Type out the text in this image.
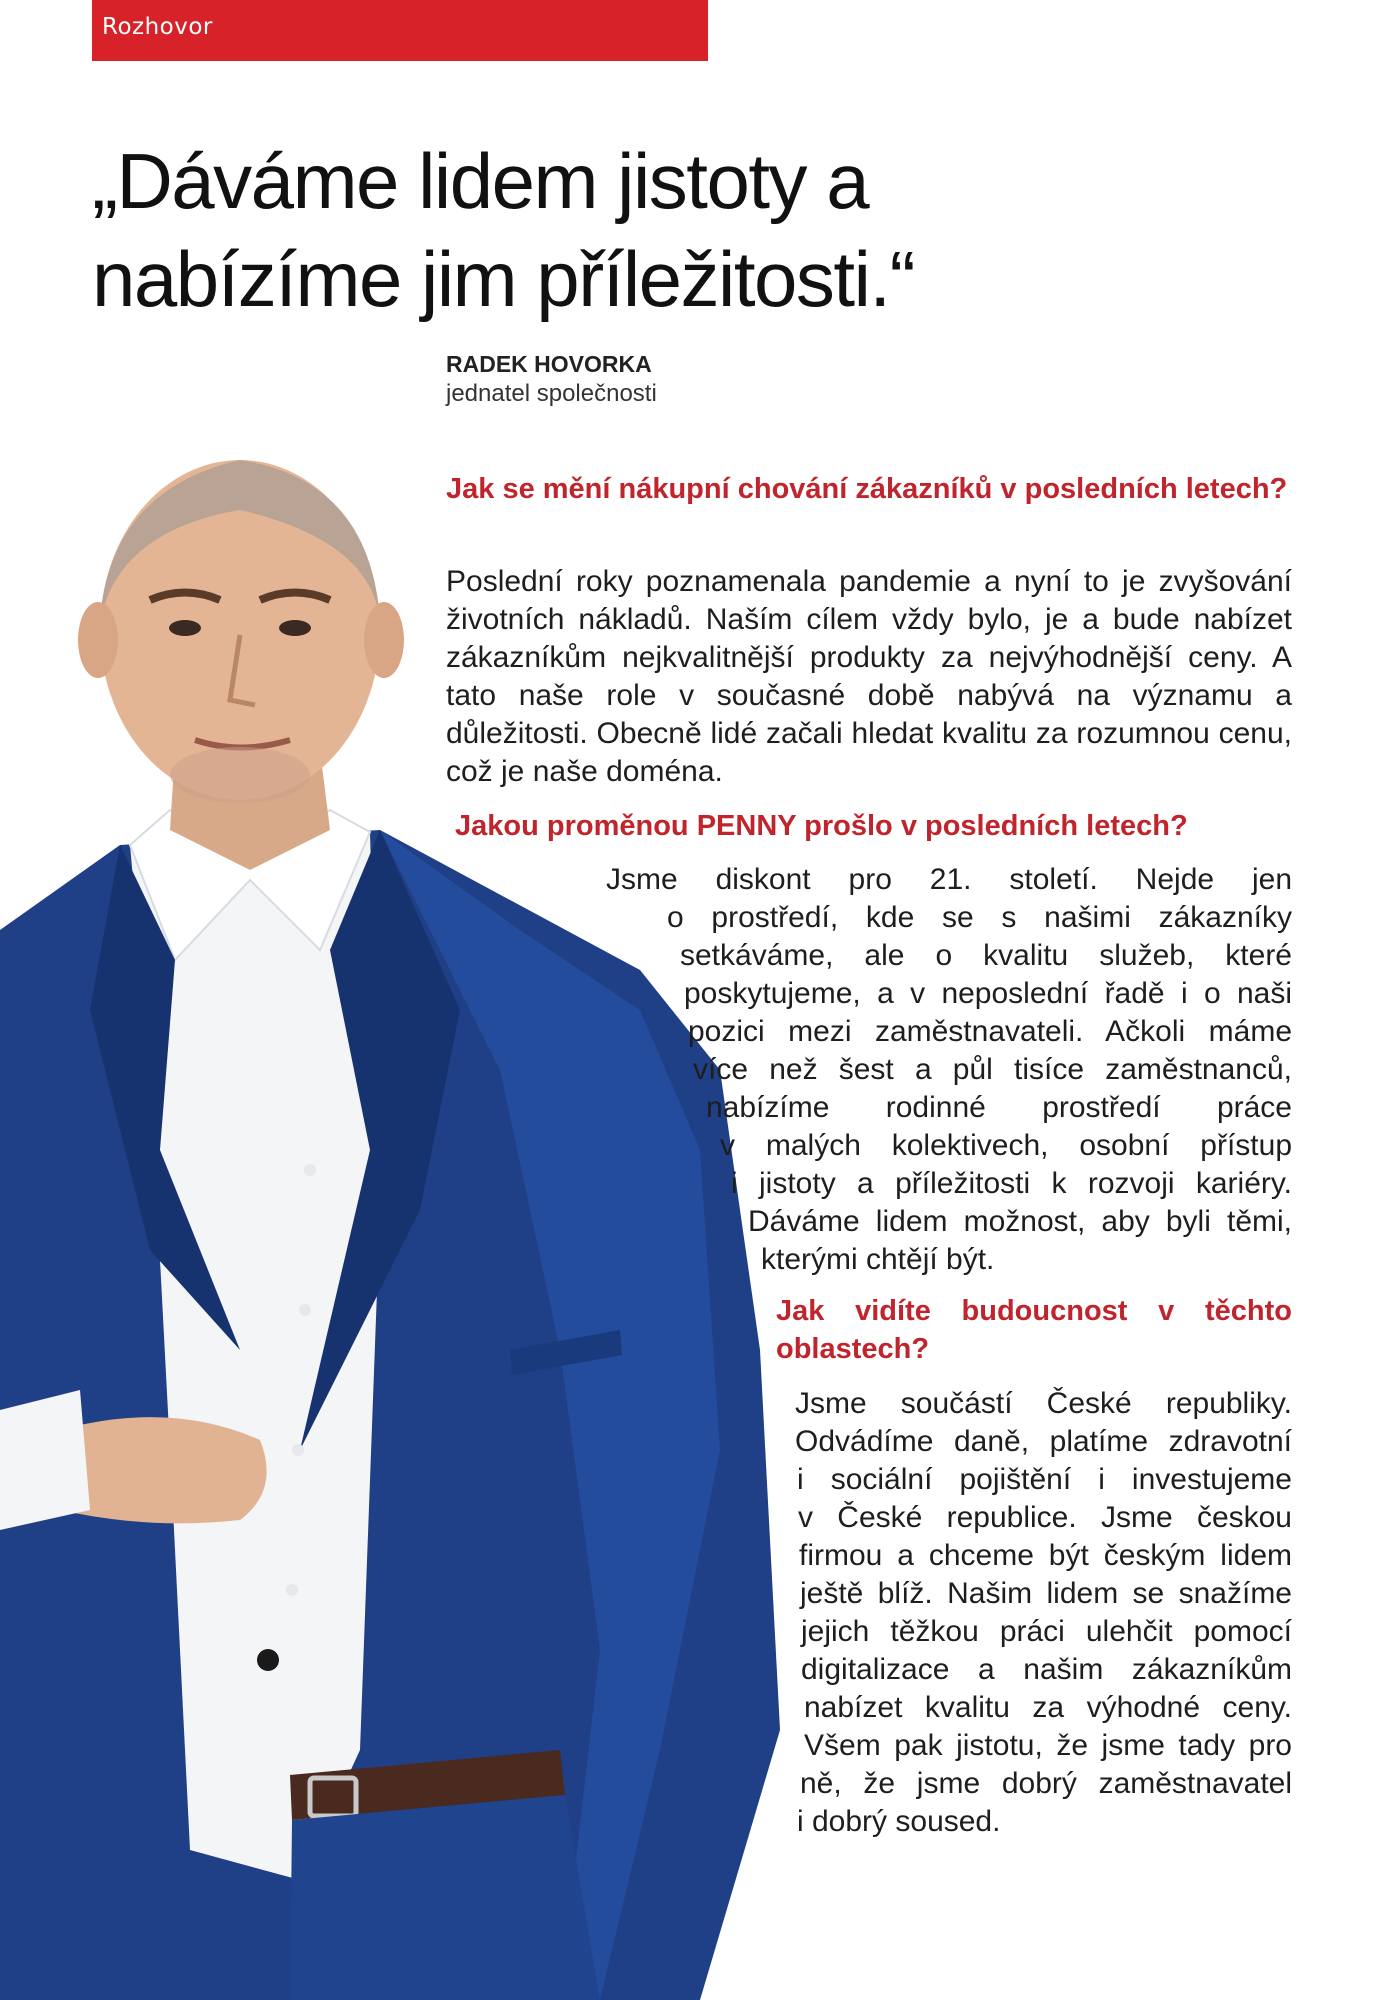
Rozhovor
„Dáváme lidem jistoty a nabízíme jim příležitosti.“
RADEK HOVORKA
jednatel společnosti
Jak se mění nákupní chování zákazníků v posledních letech?

Poslední roky poznamenala pandemie a nyní to je zvyšování životních nákladů. Naším cílem vždy bylo, je a bude nabízet zákazníkům nejkvalitnější produkty za nejvýhodnější ceny. A tato naše role v současné době nabývá na významu a důležitosti. Obecně lidé začali hledat kvalitu za rozumnou cenu, což je naše doména.

Jakou proměnou PENNY prošlo v posledních letech?
Jsme diskont pro 21. století. Nejde jen
o prostředí, kde se s našimi zákazníky
setkáváme, ale o kvalitu služeb, které
poskytujeme, a v neposlední řadě i o naši
pozici mezi zaměstnavateli. Ačkoli máme
více než šest a půl tisíce zaměstnanců,
nabízíme rodinné prostředí práce
v malých kolektivech, osobní přístup
i jistoty a příležitosti k rozvoji kariéry.
Dáváme lidem možnost, aby byli těmi,
kterými chtějí být.
Jak vidíte budoucnost v těchto oblastech?
Jsme součástí České republiky.
Odvádíme daně, platíme zdravotní
i sociální pojištění i investujeme
v České republice. Jsme českou
firmou a chceme být českým lidem
ještě blíž. Našim lidem se snažíme
jejich těžkou práci ulehčit pomocí
digitalizace a našim zákazníkům
nabízet kvalitu za výhodné ceny.
Všem pak jistotu, že jsme tady pro
ně, že jsme dobrý zaměstnavatel
i dobrý soused.
